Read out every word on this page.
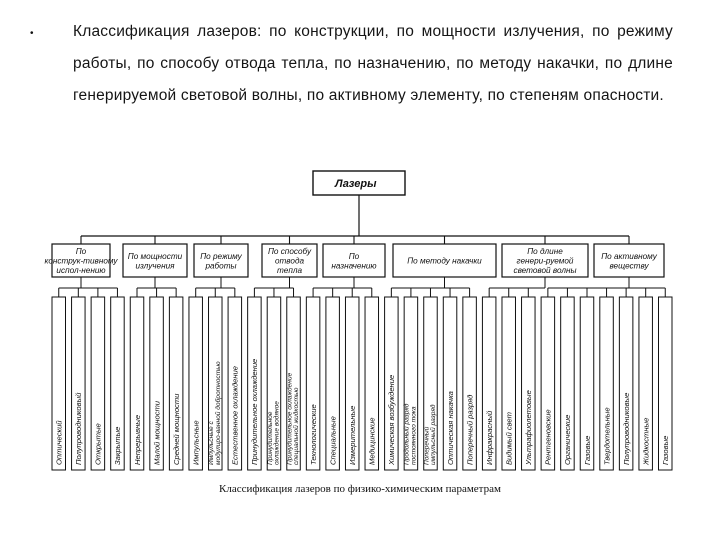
•	Классификация лазеров: по конструкции, по мощности излучения, по режиму работы, по способу отвода тепла, по назначению, по методу накачки, по длине генерируемой световой волны, по активному элементу, по степеням опасности.
Лазеры
По
конструк-тивному
испол-нению
По мощности
излучения
По режиму
работы
По способу
отвода
тепла
По
назначению
По методу накачки
По длине
генери-руемой
световой волны
По активному
веществу
Оптический Полупроводниковый Открытые Закрытые Непрерывные Малой мощности Средней мощности Импульсные Импульсные с модулиро-ванной добротностью Естественное охлаждение Принудительное охлаждение Принудительное охлаждение водяное Принудительное охлаждение специальной жидкостью Технологические Специальные Измерительные Медицинские Химическая возбуждение Продольный разряд постоянного тока Поперечный импульсный разряд Оптическая накачка Поперечный разряд Инфракрасный Видимый свет Ультрафиолетовые Рентгеновские Органические Газовые Твердотельные Полупроводниковые Жидкостные Газовые
Классификация лазеров по физико-химическим параметрам
